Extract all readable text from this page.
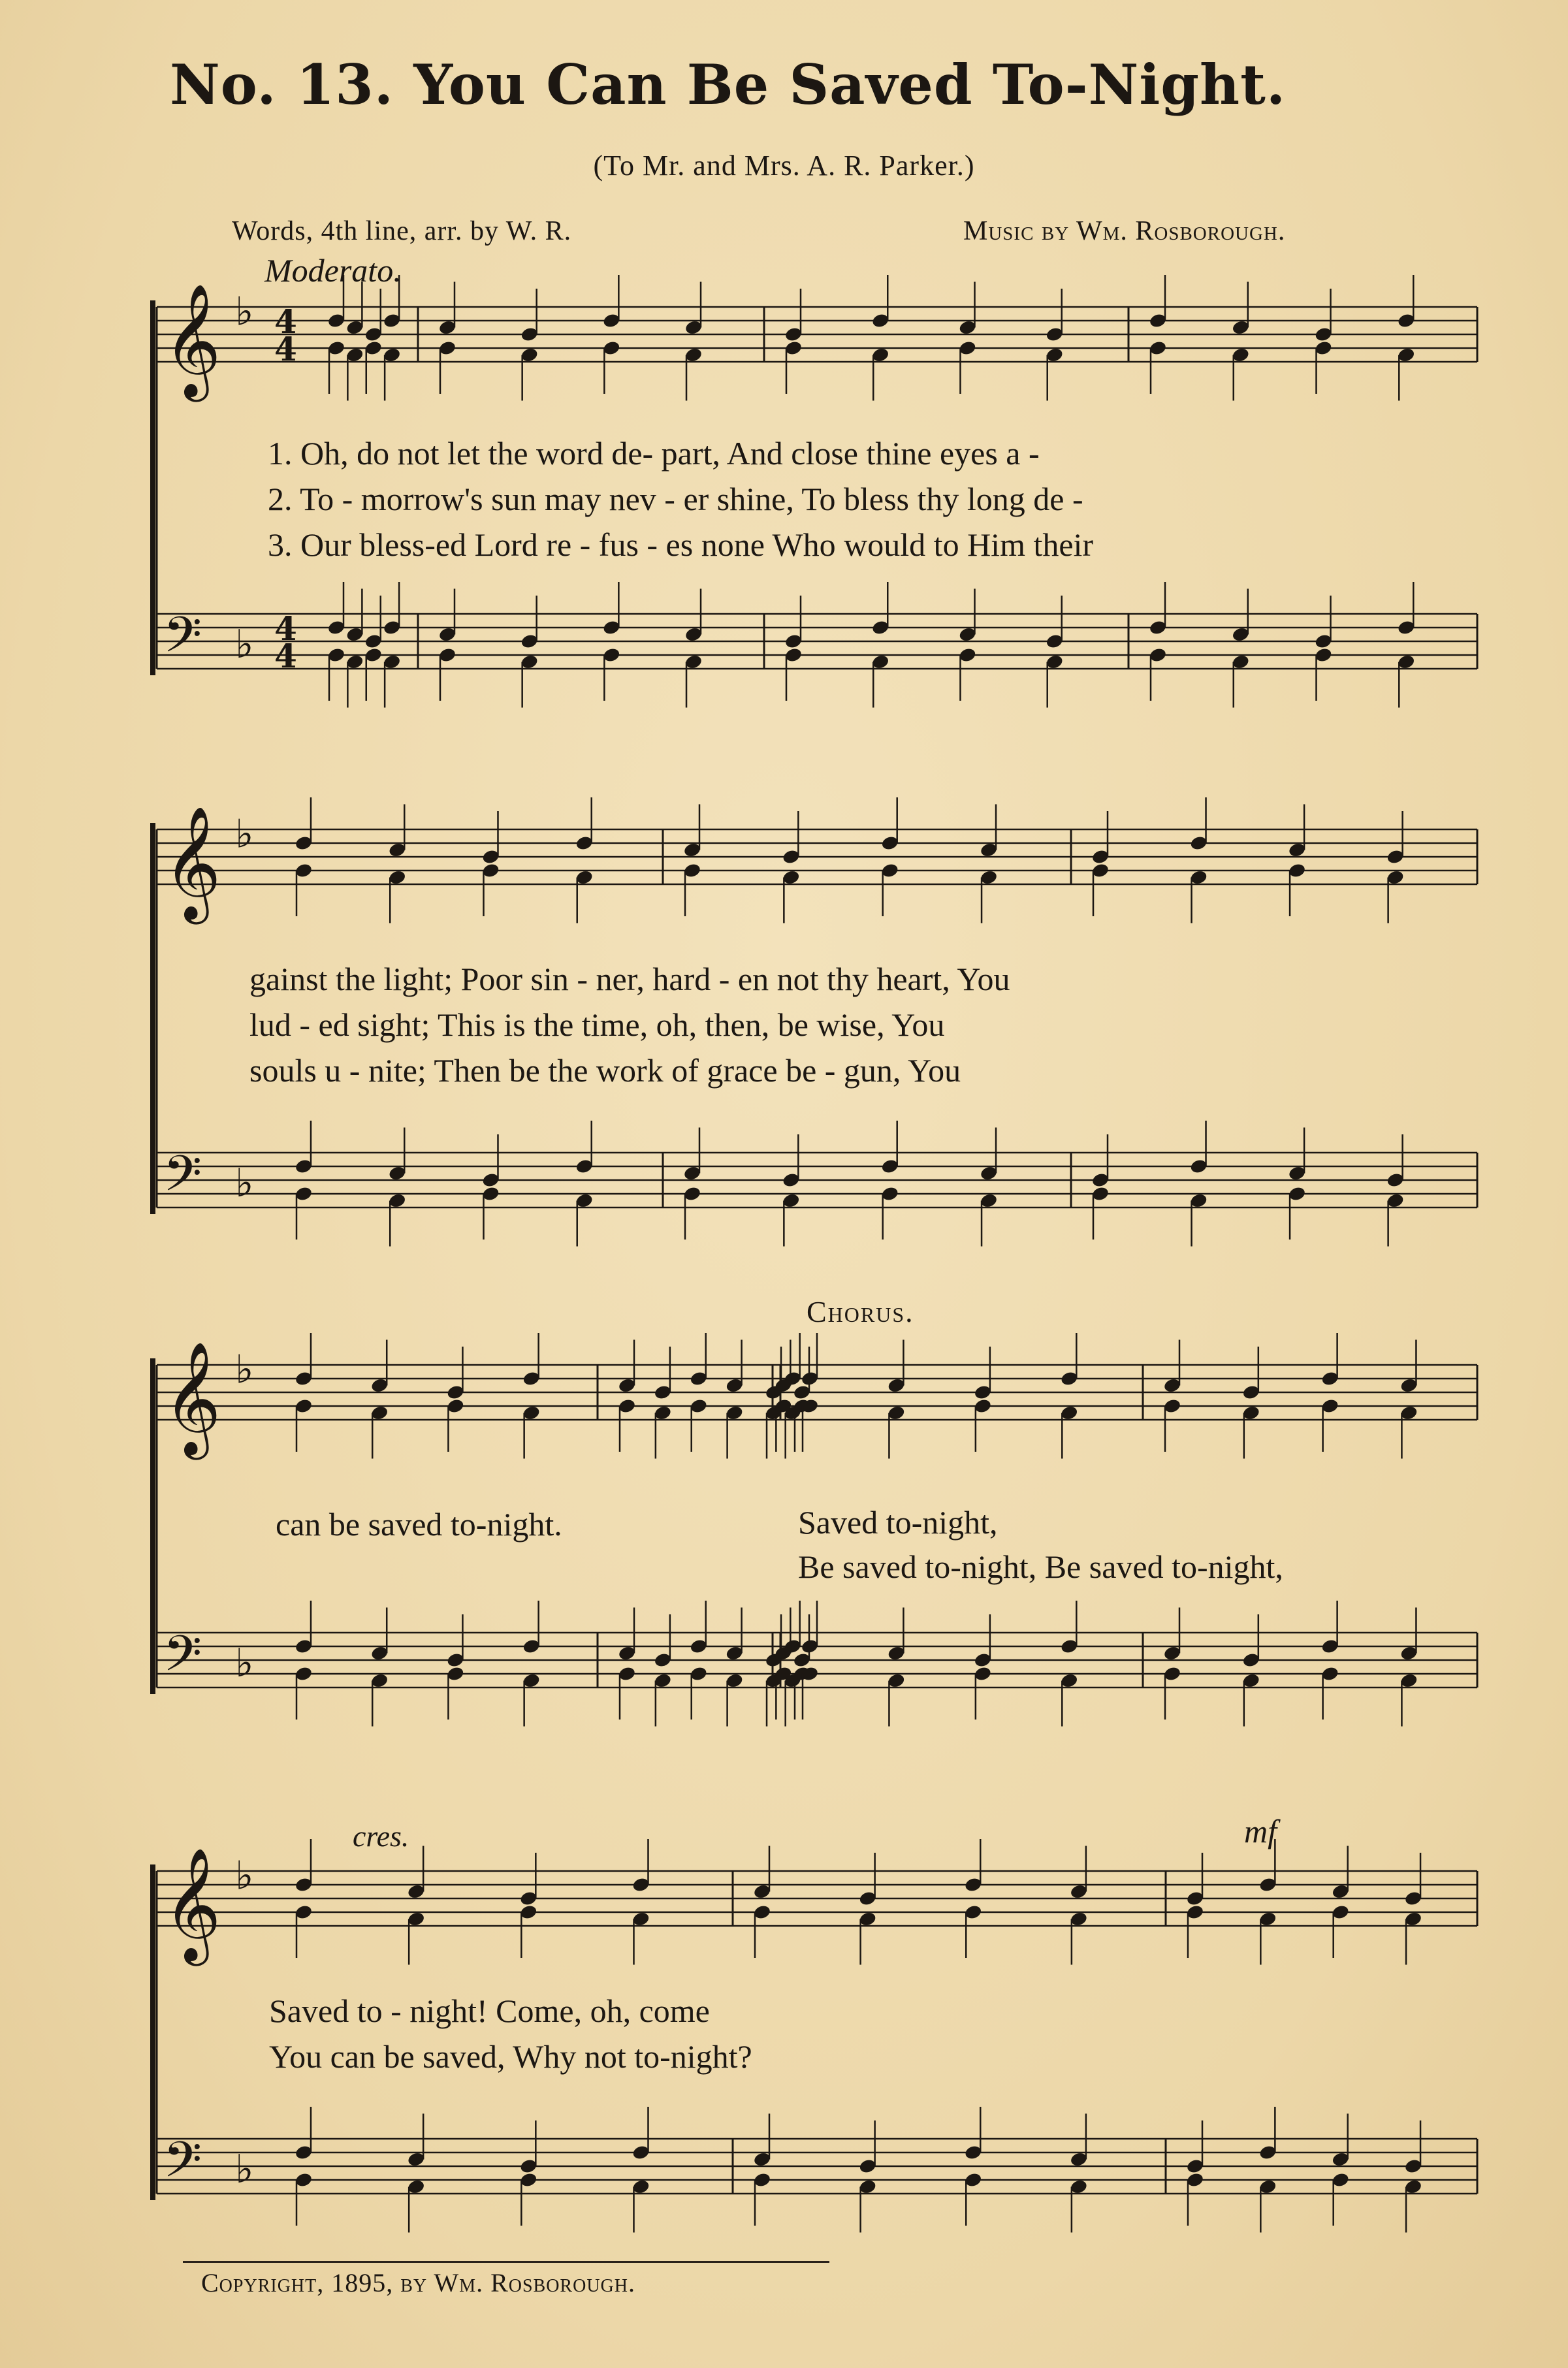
No. 13. You Can Be Saved To-Night.
(To Mr. and Mrs. A. R. Parker.)
Words, 4th line, arr. by W. R.	Music by Wm. Rosborough.
Moderato.
𝄞 ♭ 4
4
𝄢 ♭ 4
4
𝄞 ♭
𝄢 ♭
𝄞 ♭
𝄢 ♭
𝄞 ♭
𝄢 ♭
1. Oh, do not let the word de- part, And close thine eyes a -
2. To - morrow's sun may nev - er shine, To bless thy long de -
3. Our bless-ed Lord re - fus - es none Who would to Him their
gainst the light; Poor sin - ner, hard - en not thy heart, You
lud - ed sight; This is the time, oh, then, be wise, You
souls u - nite; Then be the work of grace be - gun, You
Chorus.
can be saved to-night.	Saved to-night,
Be saved to-night, Be saved to-night,
cres.	mf
Saved to - night! Come, oh, come
You can be saved, Why not to-night?
Copyright, 1895, by Wm. Rosborough.
